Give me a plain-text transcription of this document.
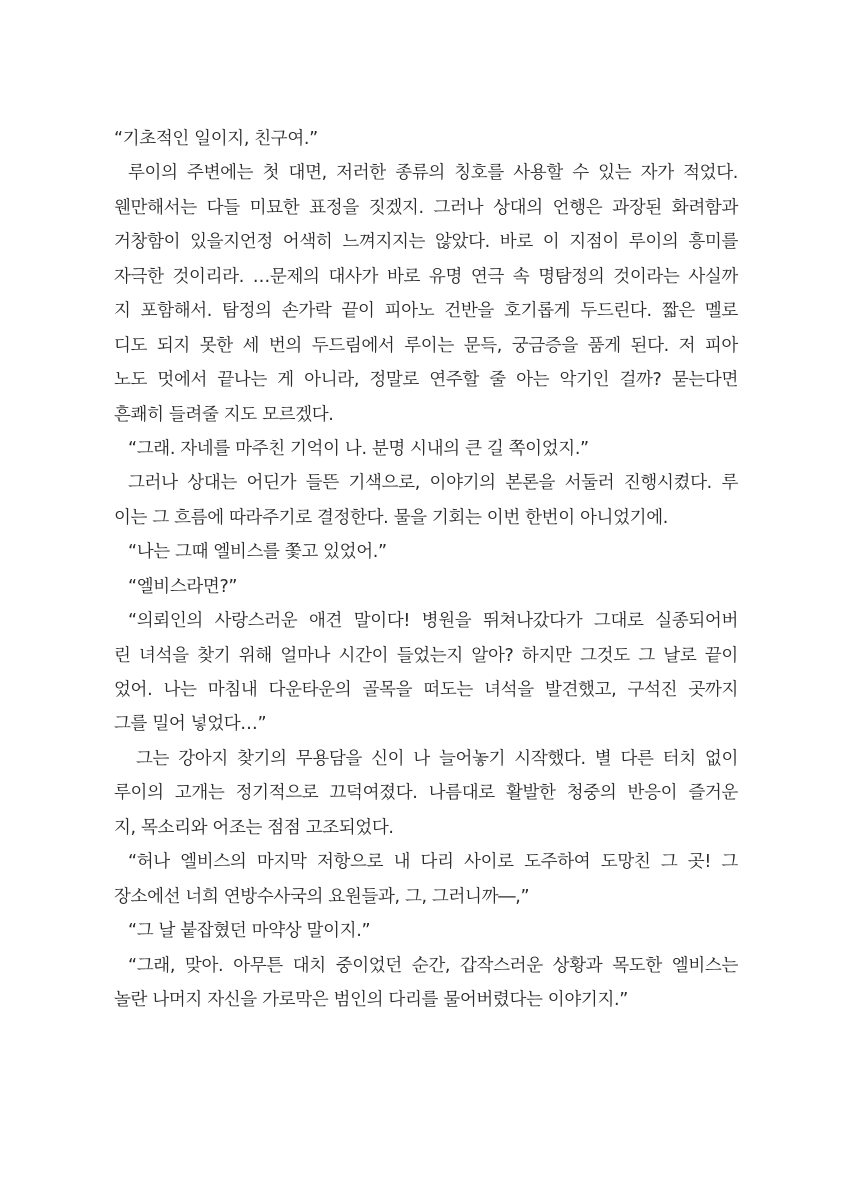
“기초적인 일이지, 친구여.”
루이의 주변에는 첫 대면, 저러한 종류의 칭호를 사용할 수 있는 자가 적었다.
웬만해서는 다들 미묘한 표정을 짓겠지. 그러나 상대의 언행은 과장된 화려함과
거창함이 있을지언정 어색히 느껴지지는 않았다. 바로 이 지점이 루이의 흥미를
자극한 것이리라. …문제의 대사가 바로 유명 연극 속 명탐정의 것이라는 사실까
지 포함해서. 탐정의 손가락 끝이 피아노 건반을 호기롭게 두드린다. 짧은 멜로
디도 되지 못한 세 번의 두드림에서 루이는 문득, 궁금증을 품게 된다. 저 피아
노도 멋에서 끝나는 게 아니라, 정말로 연주할 줄 아는 악기인 걸까? 묻는다면
흔쾌히 들려줄 지도 모르겠다.
“그래. 자네를 마주친 기억이 나. 분명 시내의 큰 길 쪽이었지.”
그러나 상대는 어딘가 들뜬 기색으로, 이야기의 본론을 서둘러 진행시켰다. 루
이는 그 흐름에 따라주기로 결정한다. 물을 기회는 이번 한번이 아니었기에.
“나는 그때 엘비스를 쫓고 있었어.”
“엘비스라면?”
“의뢰인의 사랑스러운 애견 말이다! 병원을 뛰쳐나갔다가 그대로 실종되어버
린 녀석을 찾기 위해 얼마나 시간이 들었는지 알아? 하지만 그것도 그 날로 끝이
었어. 나는 마침내 다운타운의 골목을 떠도는 녀석을 발견했고, 구석진 곳까지
그를 밀어 넣었다…”
그는 강아지 찾기의 무용담을 신이 나 늘어놓기 시작했다. 별 다른 터치 없이
루이의 고개는 정기적으로 끄덕여졌다. 나름대로 활발한 청중의 반응이 즐거운
지, 목소리와 어조는 점점 고조되었다.
“허나 엘비스의 마지막 저항으로 내 다리 사이로 도주하여 도망친 그 곳! 그
장소에선 너희 연방수사국의 요원들과, 그, 그러니까―,”
“그 날 붙잡혔던 마약상 말이지.”
“그래, 맞아. 아무튼 대치 중이었던 순간, 갑작스러운 상황과 목도한 엘비스는
놀란 나머지 자신을 가로막은 범인의 다리를 물어버렸다는 이야기지.”
